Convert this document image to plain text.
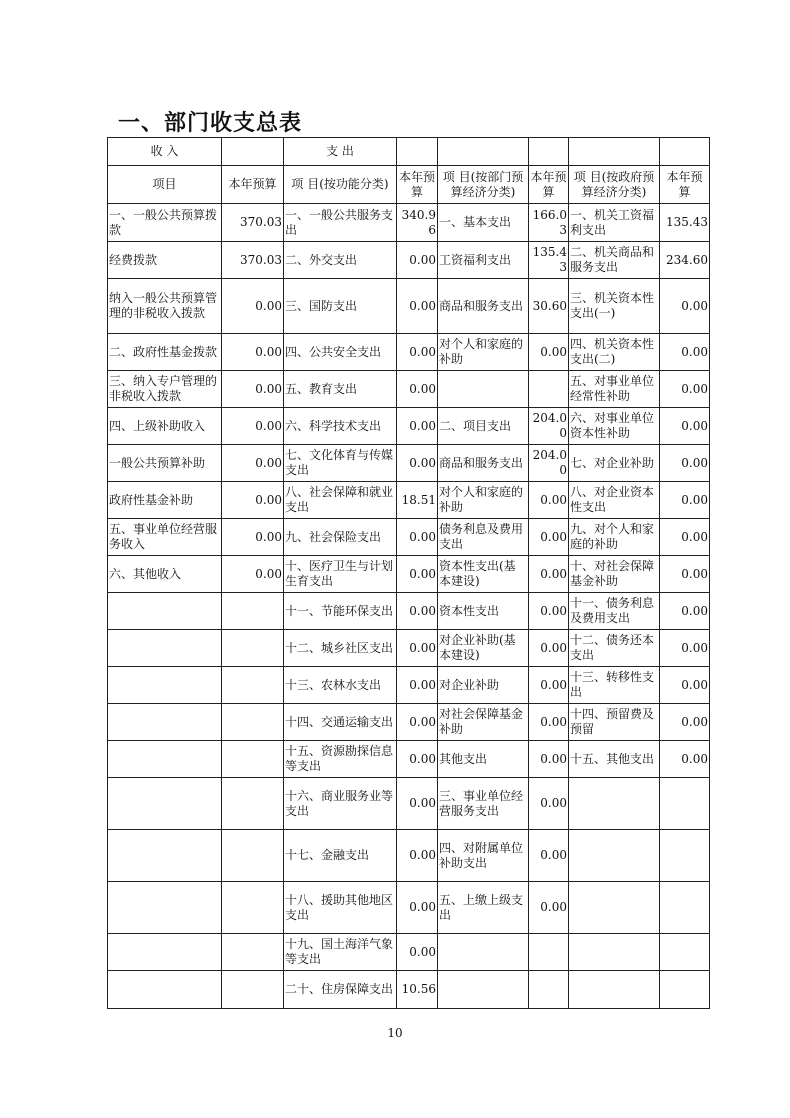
一、部门收支总表
收 入		支 出					
项目	本年预算	项 目(按功能分类)	本年预算	项 目(按部门预算经济分类)	本年预算	项 目(按政府预算经济分类)	本年预算
一、一般公共预算拨款	370.03	一、一般公共服务支出	340.96	一、基本支出	166.03	一、机关工资福利支出	135.43
经费拨款	370.03	二、外交支出	0.00	工资福利支出	135.43	二、机关商品和服务支出	234.60
纳入一般公共预算管理的非税收入拨款	0.00	三、国防支出	0.00	商品和服务支出	30.60	三、机关资本性支出(一)	0.00
二、政府性基金拨款	0.00	四、公共安全支出	0.00	对个人和家庭的补助	0.00	四、机关资本性支出(二)	0.00
三、纳入专户管理的非税收入拨款	0.00	五、教育支出	0.00			五、对事业单位经常性补助	0.00
四、上级补助收入	0.00	六、科学技术支出	0.00	二、项目支出	204.00	六、对事业单位资本性补助	0.00
一般公共预算补助	0.00	七、文化体育与传媒支出	0.00	商品和服务支出	204.00	七、对企业补助	0.00
政府性基金补助	0.00	八、社会保障和就业支出	18.51	对个人和家庭的补助	0.00	八、对企业资本性支出	0.00
五、事业单位经营服务收入	0.00	九、社会保险支出	0.00	债务利息及费用支出	0.00	九、对个人和家庭的补助	0.00
六、其他收入	0.00	十、医疗卫生与计划生育支出	0.00	资本性支出(基本建设)	0.00	十、对社会保障基金补助	0.00
		十一、节能环保支出	0.00	资本性支出	0.00	十一、债务利息及费用支出	0.00
		十二、城乡社区支出	0.00	对企业补助(基本建设)	0.00	十二、债务还本支出	0.00
		十三、农林水支出	0.00	对企业补助	0.00	十三、转移性支出	0.00
		十四、交通运输支出	0.00	对社会保障基金补助	0.00	十四、预留费及预留	0.00
		十五、资源勘探信息等支出	0.00	其他支出	0.00	十五、其他支出	0.00
		十六、商业服务业等支出	0.00	三、事业单位经营服务支出	0.00		
		十七、金融支出	0.00	四、对附属单位补助支出	0.00		
		十八、援助其他地区支出	0.00	五、上缴上级支出	0.00		
		十九、国土海洋气象等支出	0.00				
		二十、住房保障支出	10.56				
10
